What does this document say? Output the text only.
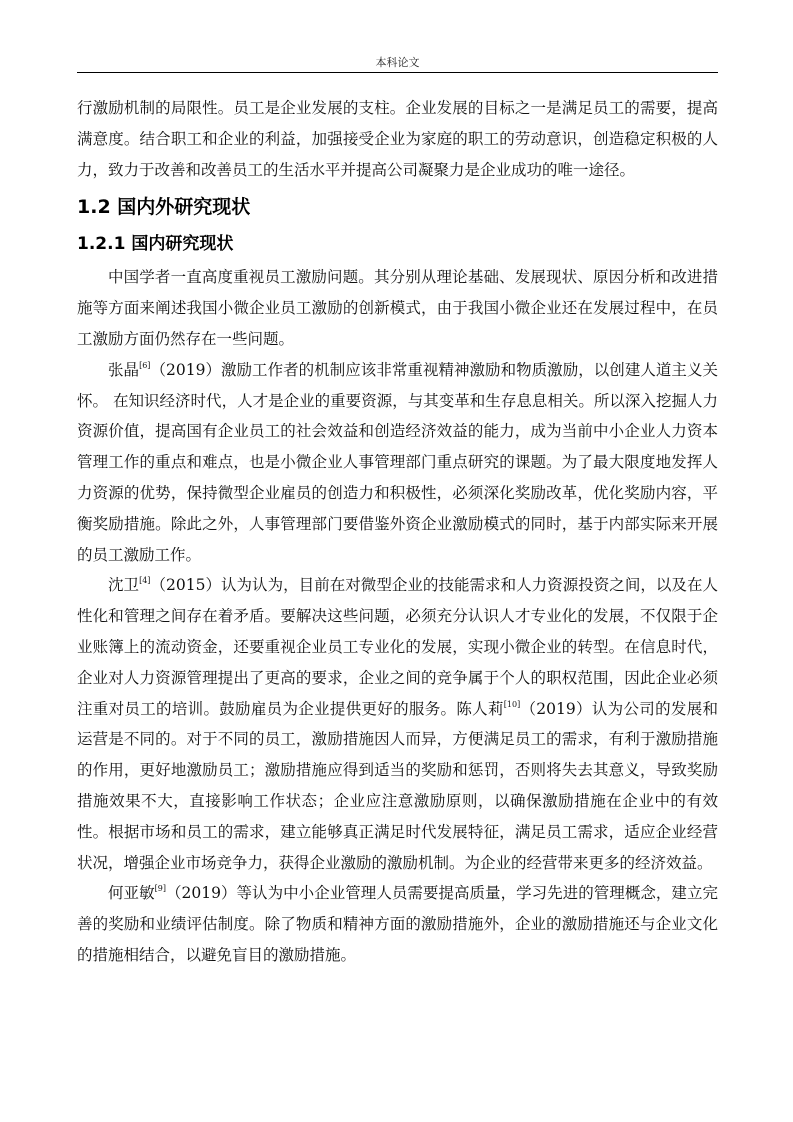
本科论文

行激励机制的局限性。员工是企业发展的支柱。企业发展的目标之一是满足员工的需要，提高满意度。结合职工和企业的利益，加强接受企业为家庭的职工的劳动意识，创造稳定积极的人力，致力于改善和改善员工的生活水平并提高公司凝聚力是企业成功的唯一途径。

1.2 国内外研究现状
1.2.1 国内研究现状

中国学者一直高度重视员工激励问题。其分别从理论基础、发展现状、原因分析和改进措施等方面来阐述我国小微企业员工激励的创新模式，由于我国小微企业还在发展过程中，在员工激励方面仍然存在一些问题。

张晶[6]（2019）激励工作者的机制应该非常重视精神激励和物质激励，以创建人道主义关怀。 在知识经济时代，人才是企业的重要资源，与其变革和生存息息相关。所以深入挖掘人力资源价值，提高国有企业员工的社会效益和创造经济效益的能力，成为当前中小企业人力资本管理工作的重点和难点，也是小微企业人事管理部门重点研究的课题。为了最大限度地发挥人力资源的优势，保持微型企业雇员的创造力和积极性，必须深化奖励改革，优化奖励内容，平衡奖励措施。除此之外，人事管理部门要借鉴外资企业激励模式的同时，基于内部实际来开展的员工激励工作。

沈卫[4]（2015）认为认为，目前在对微型企业的技能需求和人力资源投资之间，以及在人性化和管理之间存在着矛盾。要解决这些问题，必须充分认识人才专业化的发展，不仅限于企业账簿上的流动资金，还要重视企业员工专业化的发展，实现小微企业的转型。在信息时代，企业对人力资源管理提出了更高的要求，企业之间的竞争属于个人的职权范围，因此企业必须注重对员工的培训。鼓励雇员为企业提供更好的服务。陈人莉[10]（2019）认为公司的发展和运营是不同的。对于不同的员工，激励措施因人而异，方便满足员工的需求，有利于激励措施的作用，更好地激励员工；激励措施应得到适当的奖励和惩罚，否则将失去其意义，导致奖励措施效果不大，直接影响工作状态；企业应注意激励原则，以确保激励措施在企业中的有效性。根据市场和员工的需求，建立能够真正满足时代发展特征，满足员工需求，适应企业经营状况，增强企业市场竞争力，获得企业激励的激励机制。为企业的经营带来更多的经济效益。

何亚敏[9]（2019）等认为中小企业管理人员需要提高质量，学习先进的管理概念，建立完善的奖励和业绩评估制度。除了物质和精神方面的激励措施外，企业的激励措施还与企业文化的措施相结合，以避免盲目的激励措施。
